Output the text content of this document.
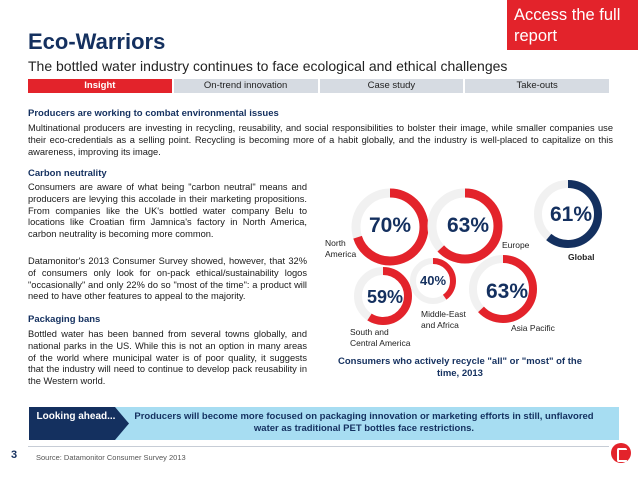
Eco-Warriors
Access the full
report
The bottled water industry continues to face ecological and ethical challenges
Insight	On-trend innovation	Case study	Take-outs
Producers are working to combat environmental issues
Multinational producers are investing in recycling, reusability, and social responsibilities to bolster their image, while smaller companies use their eco-credentials as a selling point. Recycling is becoming more of a habit globally, and the industry is well-placed to capitalize on this awareness, improving its image.
Carbon neutrality
Consumers are aware of what being "carbon neutral" means and producers are levying this accolade in their marketing propositions. From companies like the UK's bottled water company Belu to locations like Croatian firm Jamnica's factory in North America, carbon neutrality is becoming more common.
Datamonitor's 2013 Consumer Survey showed, however, that 32% of consumers only look for on-pack ethical/sustainability logos "occasionally" and only 22% do so "most of the time": a product will need to have other features to appeal to the majority.
Packaging bans
Bottled water has been banned from several towns globally, and national parks in the US. While this is not an option in many areas of the world where municipal water is of poor quality, it suggests that the industry will need to continue to develop pack reusability in the Western world.
70% 63%	61%
59%
40% 63%
North
America
Europe
Global
South and
Central America
Middle-East
and Africa	Asia Pacific
Consumers who actively recycle "all" or "most" of the time, 2013
Looking ahead...	Producers will become more focused on packaging innovation or marketing efforts in still, unflavored water as traditional PET bottles face restrictions.
3	Source: Datamonitor Consumer Survey 2013
